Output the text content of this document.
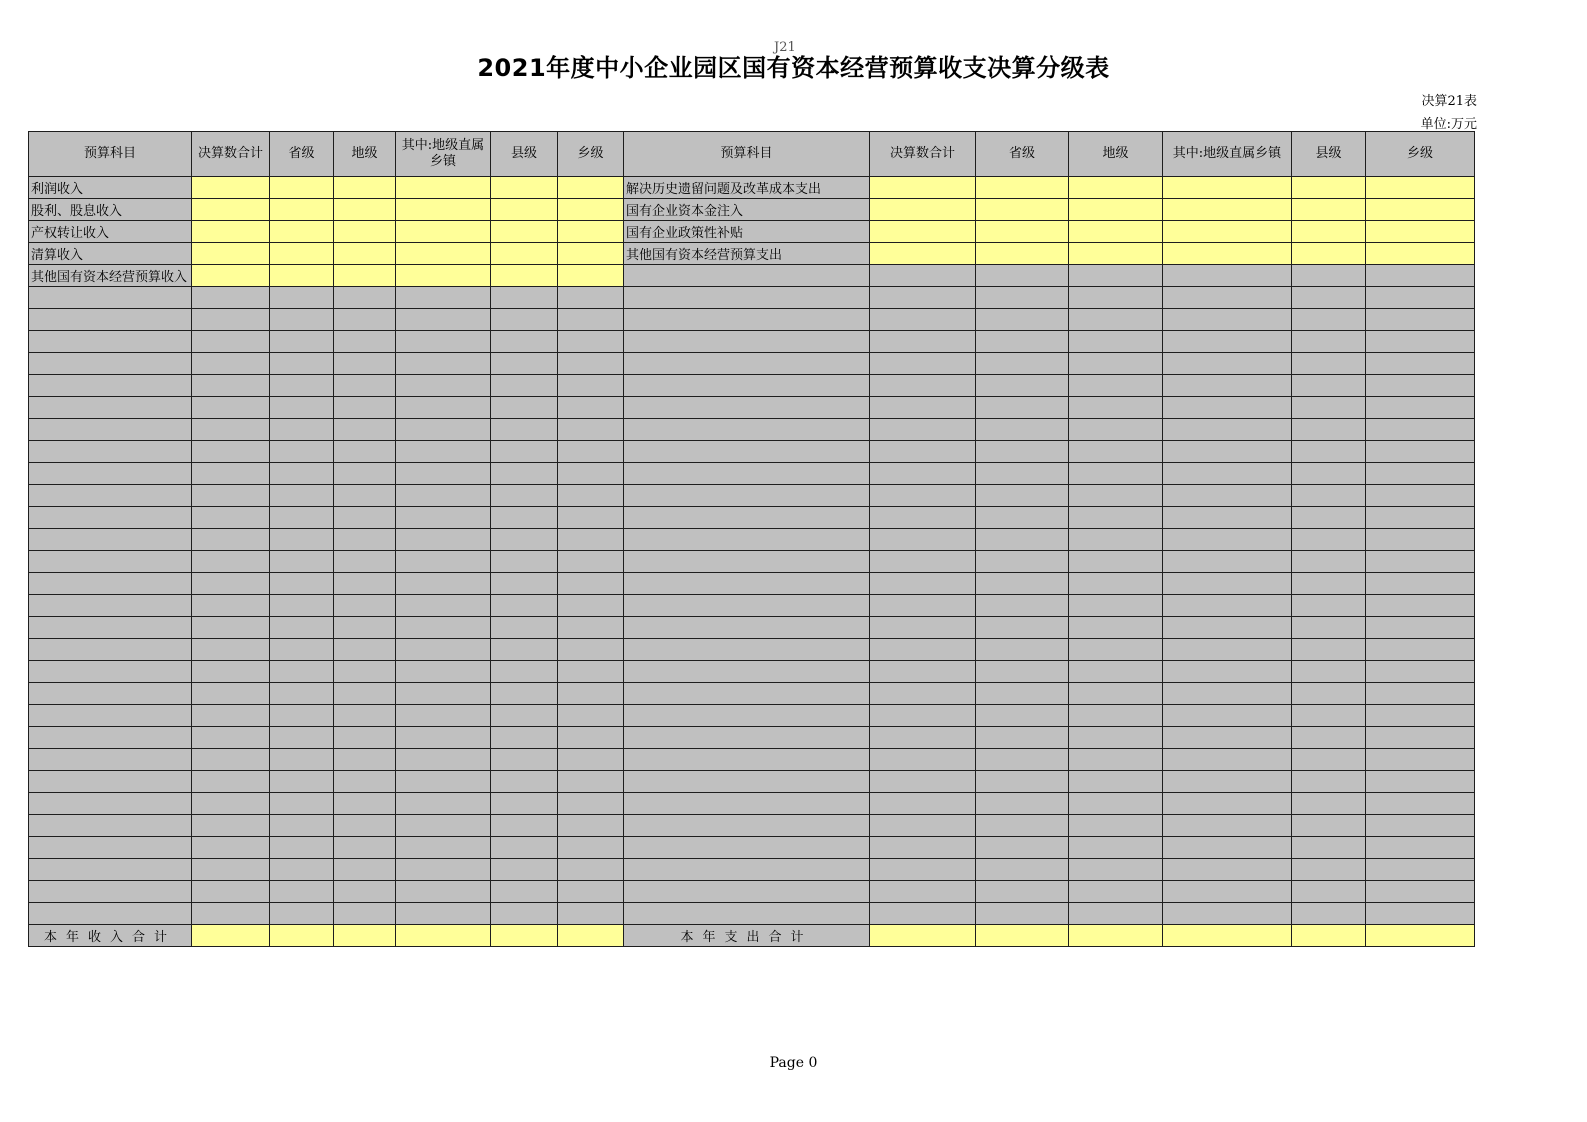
J21
2021年度中小企业园区国有资本经营预算收支决算分级表
决算21表
单位:万元
预算科目	决算数合计	省级	地级	其中:地级直属乡镇	县级	乡级	预算科目	决算数合计	省级	地级	其中:地级直属乡镇	县级	乡级
利润收入							解决历史遗留问题及改革成本支出						
股利、股息收入							国有企业资本金注入						
产权转让收入							国有企业政策性补贴						
清算收入							其他国有资本经营预算支出						
其他国有资本经营预算收入													

本年收入合计							本年支出合计						
Page 0
